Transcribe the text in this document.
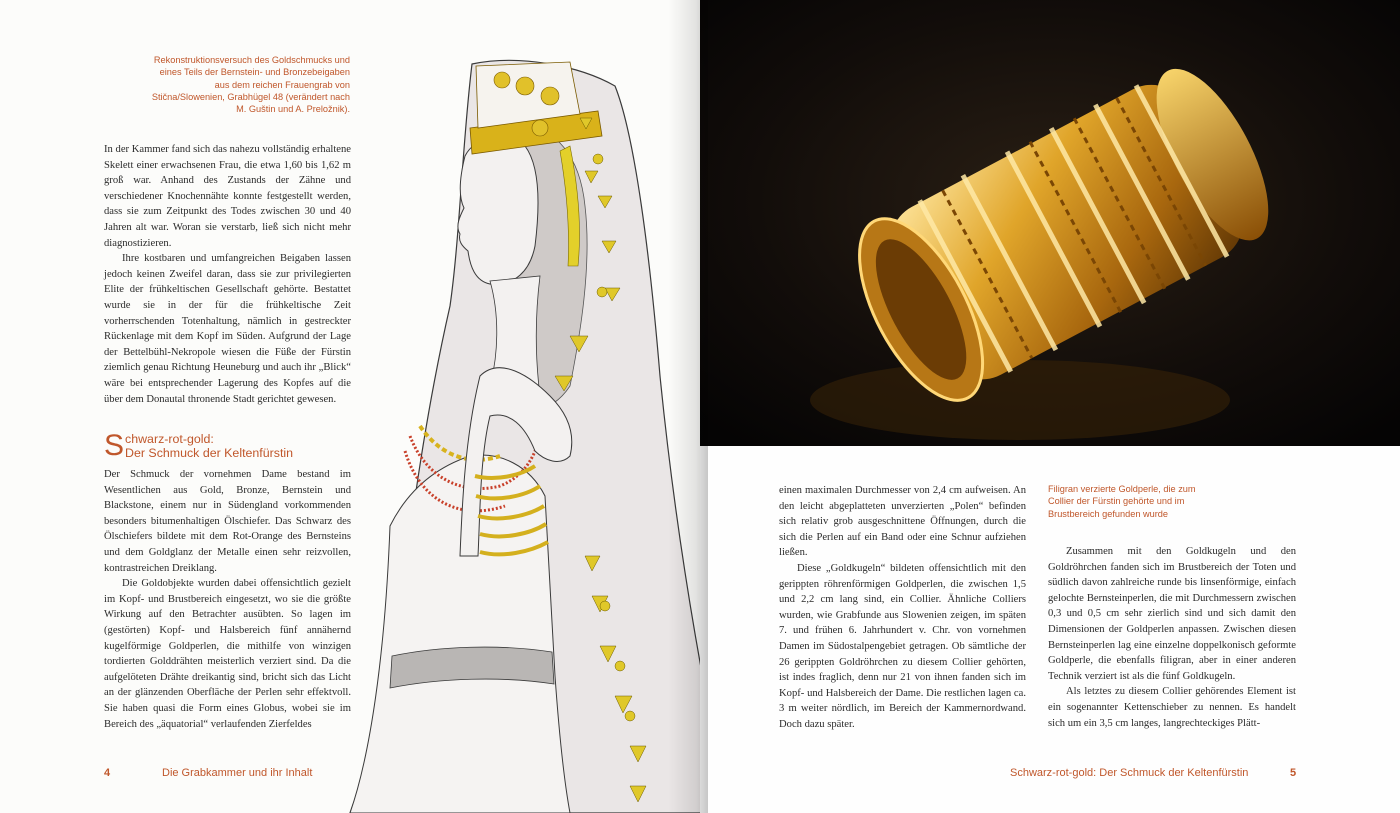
Rekonstruktionsversuch des Goldschmucks und eines Teils der Bernstein- und Bronzebeigaben aus dem reichen Frauengrab von Stična/Slowenien, Grabhügel 48 (verändert nach M. Guštin und A. Preložnik).

In der Kammer fand sich das nahezu vollständig erhaltene Skelett einer erwachsenen Frau, die etwa 1,60 bis 1,62 m groß war. Anhand des Zustands der Zähne und verschiedener Knochennähte konnte festgestellt werden, dass sie zum Zeitpunkt des Todes zwischen 30 und 40 Jahren alt war. Woran sie verstarb, ließ sich nicht mehr diagnostizieren.

Ihre kostbaren und umfangreichen Beigaben lassen jedoch keinen Zweifel daran, dass sie zur privilegierten Elite der frühkeltischen Gesellschaft gehörte. Bestattet wurde sie in der für die frühkeltische Zeit vorherrschenden Totenhaltung, nämlich in gestreckter Rückenlage mit dem Kopf im Süden. Aufgrund der Lage der Bettelbühl-Nekropole wiesen die Füße der Fürstin ziemlich genau Richtung Heuneburg und auch ihr „Blick“ wäre bei entsprechender Lagerung des Kopfes auf die über dem Donautal thronende Stadt gerichtet gewesen.

S chwarz-rot-gold:
Der Schmuck der Keltenfürstin

Der Schmuck der vornehmen Dame bestand im Wesentlichen aus Gold, Bronze, Bernstein und Blackstone, einem nur in Südengland vorkommenden besonders bitumenhaltigen Ölschiefer. Das Schwarz des Ölschiefers bildete mit dem Rot-Orange des Bernsteins und dem Goldglanz der Metalle einen sehr reizvollen, kontrastreichen Dreiklang.

Die Goldobjekte wurden dabei offensichtlich gezielt im Kopf- und Brustbereich eingesetzt, wo sie die größte Wirkung auf den Betrachter ausübten. So lagen im (gestörten) Kopf- und Halsbereich fünf annähernd kugelförmige Goldperlen, die mithilfe von winzigen tordierten Golddrähten meisterlich verziert sind. Da die aufgelöteten Drähte dreikantig sind, bricht sich das Licht an der glänzenden Oberfläche der Perlen sehr effektvoll. Sie haben quasi die Form eines Globus, wobei sie im Bereich des „äquatorial“ verlaufenden Zierfeldes

4	Die Grabkammer und ihr Inhalt
Filigran verzierte Goldperle, die zum Collier der Fürstin gehörte und im Brustbereich gefunden wurde

einen maximalen Durchmesser von 2,4 cm aufweisen. An den leicht abgeplatteten unverzierten „Polen“ befinden sich relativ grob ausgeschnittene Öffnungen, durch die sich die Perlen auf ein Band oder eine Schnur aufziehen ließen.

Diese „Goldkugeln“ bildeten offensichtlich mit den gerippten röhrenförmigen Goldperlen, die zwischen 1,5 und 2,2 cm lang sind, ein Collier. Ähnliche Colliers wurden, wie Grabfunde aus Slowenien zeigen, im späten 7. und frühen 6. Jahrhundert v. Chr. von vornehmen Damen im Südostalpengebiet getragen. Ob sämtliche der 26 gerippten Goldröhrchen zu diesem Collier gehörten, ist indes fraglich, denn nur 21 von ihnen fanden sich im Kopf- und Halsbereich der Dame. Die restlichen lagen ca. 3 m weiter nördlich, im Bereich der Kammernordwand. Doch dazu später.

Zusammen mit den Goldkugeln und den Goldröhrchen fanden sich im Brustbereich der Toten und südlich davon zahlreiche runde bis linsenförmige, einfach gelochte Bernsteinperlen, die mit Durchmessern zwischen 0,3 und 0,5 cm sehr zierlich sind und sich damit den Dimensionen der Goldperlen anpassen. Zwischen diesen Bernsteinperlen lag eine einzelne doppelkonisch geformte Goldperle, die ebenfalls filigran, aber in einer anderen Technik verziert ist als die fünf Goldkugeln.

Als letztes zu diesem Collier gehörendes Element ist ein sogenannter Kettenschieber zu nennen. Es handelt sich um ein 3,5 cm langes, langrechteckiges Plätt-

Schwarz-rot-gold: Der Schmuck der Keltenfürstin	5
